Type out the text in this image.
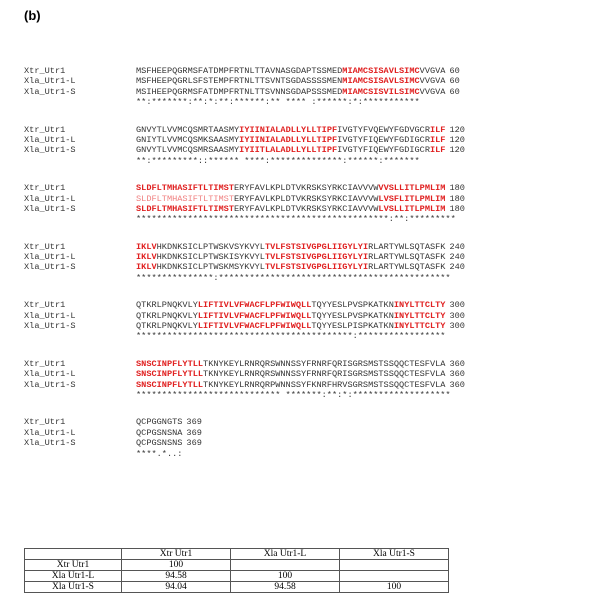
(b)
Xtr_Utr1	MSFHEEPQGRMSFATDMPFRTNLTTAVNASGDAPTSSMEDMIAMCSISAVLSIMCVVGVA 60
Xla_Utr1-L	MSFHEEPQGRLSFSTEMPFRTNLTTSVNTSGDASSSSMENMIAMCSISAVLSIMCVVGVA 60
Xla_Utr1-S	MSIHEEPQGRMSFATDMPFRTNLTTSVNNSGDAPSSSMEDMIAMCSISVILSIMCVVGVA 60
**:*******:**:*:**:******:** **** :******:*:***********
Xtr_Utr1	GNVYTLVVMCQSMRTAASMYIYIINIALADLLYLLTIPFIVGTYFVQEWYFGDVGCRILF 120
Xla_Utr1-L	GNIYTLVVMCQSMKSAASMYIYIINIALADLLYLLTIPFIVGTYFIQEWYFGDIGCRILF 120
Xla_Utr1-S	GNVYTLVVMCQSMRSAASMYIYIITLALADLLYLLTIPFIVGTYFIQEWYFGDIGCRILF 120
**:*********::****** ****:**************:******:*******
Xtr_Utr1	SLDFLTMHASIFTLTIMSTERYFAVLKPLDTVKRSKSYRKCIAVVVWVVSLLITLPMLIM 180
Xla_Utr1-L	SLDFLTMHASIFTLTIMSTERYFAVLKPLDTVKRSKSYRKCIAVVVWLVSFLITLPMLIM 180
Xla_Utr1-S	SLDFLTMHASIFTLTIMSTERYFAVLKPLDTVKRSKSYRKCIAVVVWLVSLLITLPMLIM 180
*************************************************:**:*********
Xtr_Utr1	IKLVHKDNKSICLPTWSKVSYKVYLTVLFSTSIVGPGLIIGYLYIRLARTYWLSQTASFK 240
Xla_Utr1-L	IKLVHKDNKSICLPTWSKISYKVYLTVLFSTSIVGPGLIIGYLYIRLARTYWLSQTASFK 240
Xla_Utr1-S	IKLVHKDNKSICLPTWSKMSYKVYLTVLFSTSIVGPGLIIGYLYIRLARTYWLSQTASFK 240
***************:*********************************************
Xtr_Utr1	QTKRLPNQKVLYLIFTIVLVFWACFLPFWIWQLLTQYYESLPVSPKATKNINYLTTCLTY 300
Xla_Utr1-L	QTKRLPNQKVLYLIFTIVLVFWACFLPFWIWQLLTQYYESLPVSPKATKNINYLTTCLTY 300
Xla_Utr1-S	QTKRLPNQKVLYLIFTIVLVFWACFLPFWIWQLLTQYYESLPISPKATKNINYLTTCLTY 300
******************************************:*****************
Xtr_Utr1	SNSCINPFLYTLLTKNYKEYLRNRQRSWNNSSYFRNRFQRISGRSMSTSSQQCTESFVLA 360
Xla_Utr1-L	SNSCINPFLYTLLTKNYKEYLRNRQRSWNNSSYFRNRFQRISGRSMSTSSQQCTESFVLA 360
Xla_Utr1-S	SNSCINPFLYTLLTKNYKEYLRNRQRPWNNSSYFKNRFHRVSGRSMSTSSQQCTESFVLA 360
**************************** *******:**:*:*******************
Xtr_Utr1	QCPGGNGTS 369
Xla_Utr1-L	QCPGSNSNA 369
Xla_Utr1-S	QCPGSNSNS 369
****.*..:
	Xtr Utr1	Xla Utr1-L	Xla Utr1-S
Xtr Utr1	100		
Xla Utr1-L	94.58	100	
Xla Utr1-S	94.04	94.58	100
